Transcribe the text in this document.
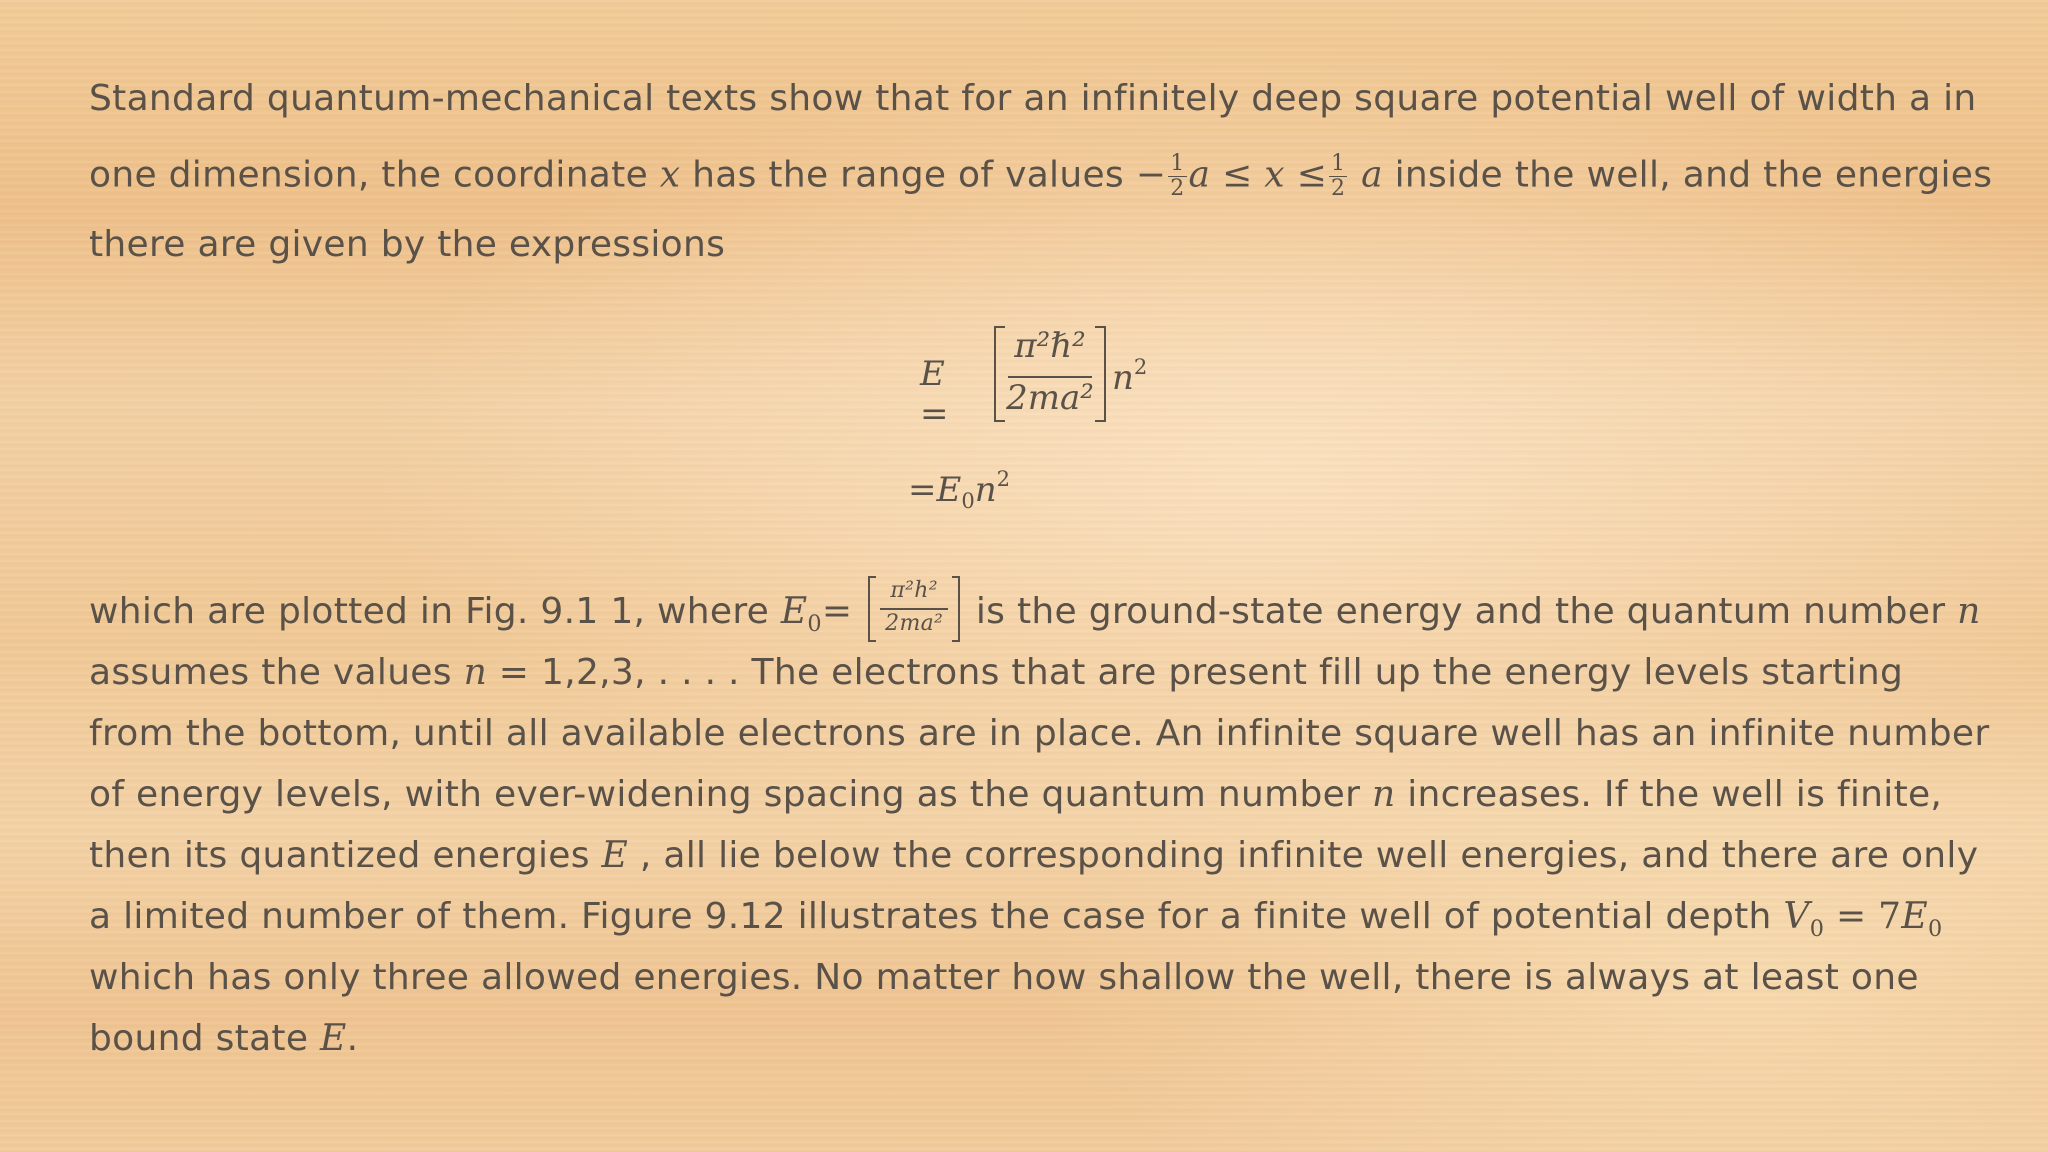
Standard quantum-mechanical texts show that for an infinitely deep square potential well of width a in
one dimension, the coordinate x has the range of values − $\frac{1}{2}$ $a \le x \le \frac{1}{2}$ a inside the well, and the energies
there are given by the expressions
E =
π²ℏ²
2ma²
$n^2$
$=E_0n^2$
which are plotted in Fig. 9.1 1, where $E_0= \frac{\text{π²h²}}{\text{2ma²}}$ is the ground-state energy and the quantum number n
assumes the values n = 1,2,3, . . . . The electrons that are present fill up the energy levels starting
from the bottom, until all available electrons are in place. An infinite square well has an infinite number
of energy levels, with ever-widening spacing as the quantum number n increases. If the well is finite,
then its quantized energies E , all lie below the corresponding infinite well energies, and there are only
a limited number of them. Figure 9.12 illustrates the case for a finite well of potential depth $V_0 = 7E_0$
which has only three allowed energies. No matter how shallow the well, there is always at least one
bound state E.
